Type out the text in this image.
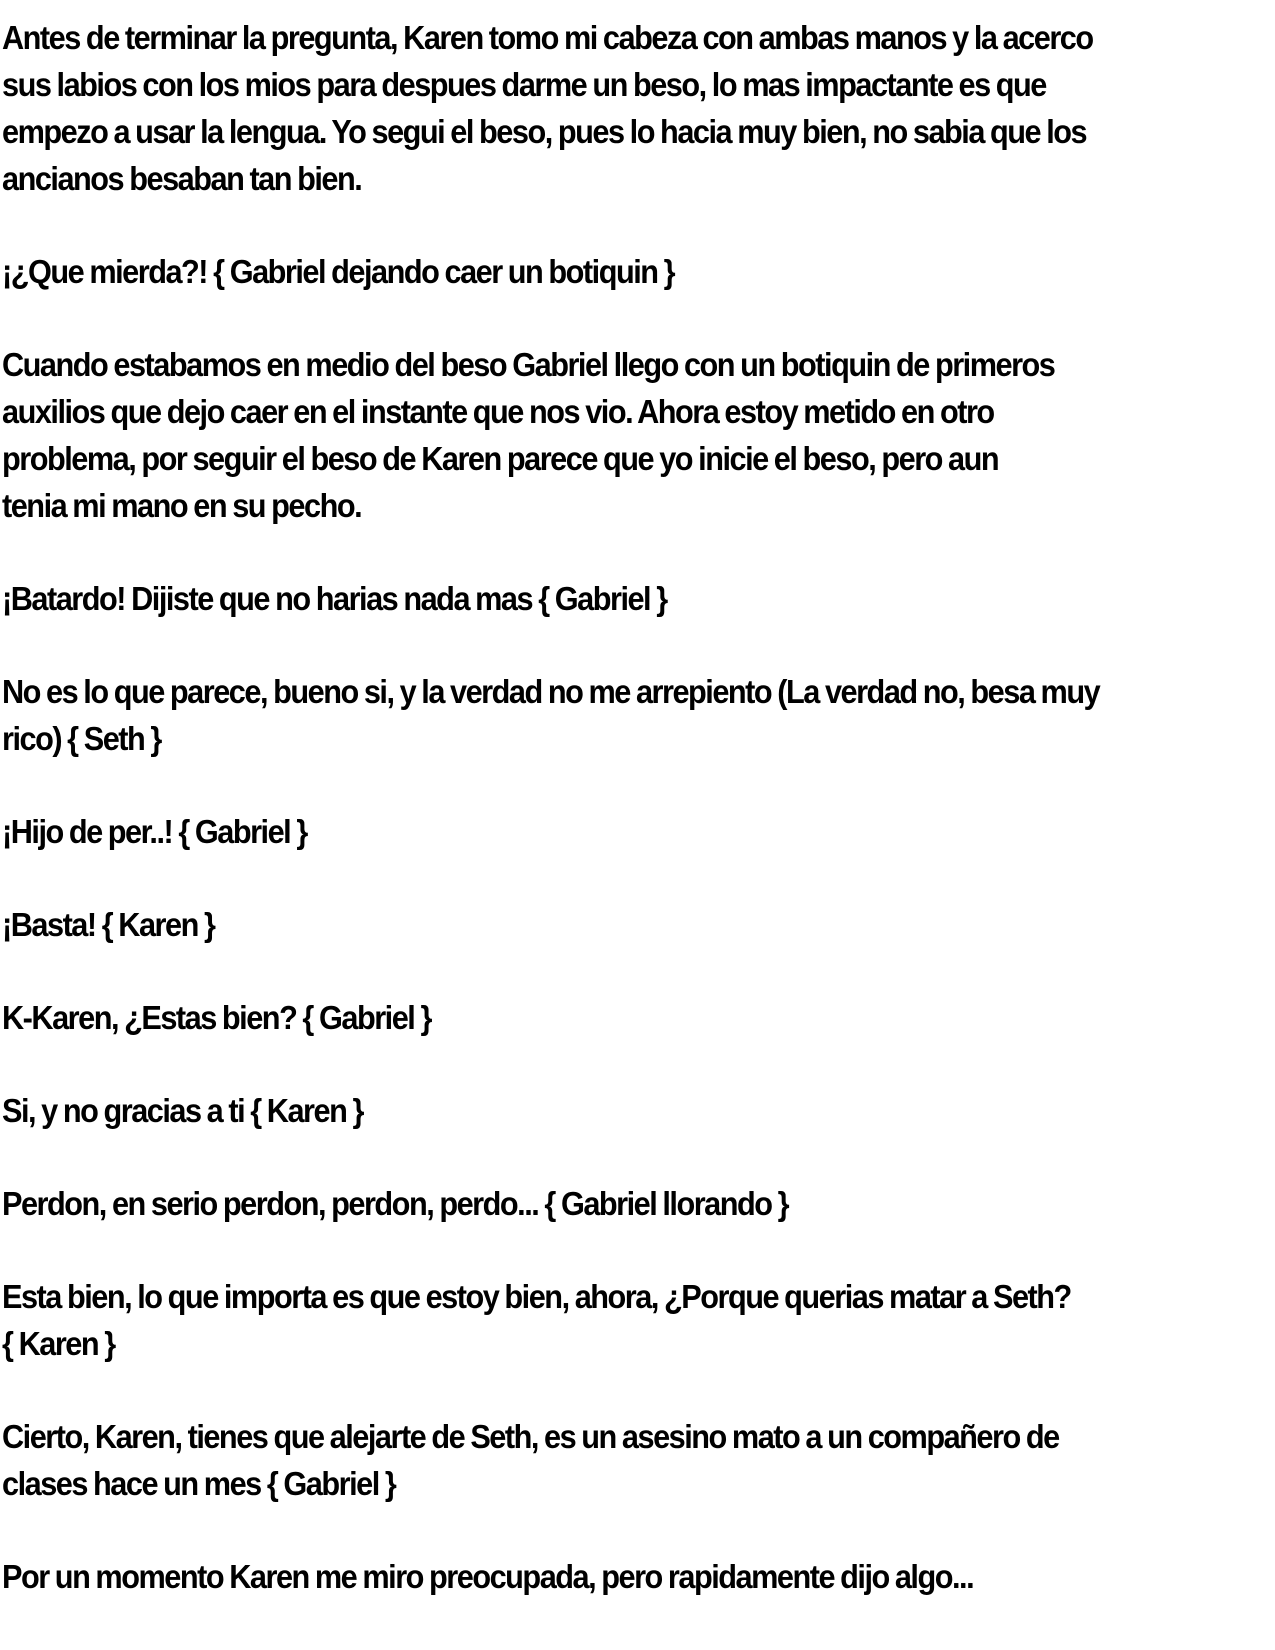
Antes de terminar la pregunta, Karen tomo mi cabeza con ambas manos y la acerco
sus labios con los mios para despues darme un beso, lo mas impactante es que
empezo a usar la lengua. Yo segui el beso, pues lo hacia muy bien, no sabia que los
ancianos besaban tan bien.

¡¿Que mierda?! { Gabriel dejando caer un botiquin }

Cuando estabamos en medio del beso Gabriel llego con un botiquin de primeros
auxilios que dejo caer en el instante que nos vio. Ahora estoy metido en otro
problema, por seguir el beso de Karen parece que yo inicie el beso, pero aun
tenia mi mano en su pecho.

¡Batardo! Dijiste que no harias nada mas { Gabriel }

No es lo que parece, bueno si, y la verdad no me arrepiento (La verdad no, besa muy
rico) { Seth }

¡Hijo de per..! { Gabriel }

¡Basta! { Karen }

K-Karen, ¿Estas bien? { Gabriel }

Si, y no gracias a ti { Karen }

Perdon, en serio perdon, perdon, perdo... { Gabriel llorando }

Esta bien, lo que importa es que estoy bien, ahora, ¿Porque querias matar a Seth?
{ Karen }

Cierto, Karen, tienes que alejarte de Seth, es un asesino mato a un compañero de
clases hace un mes { Gabriel }

Por un momento Karen me miro preocupada, pero rapidamente dijo algo...
